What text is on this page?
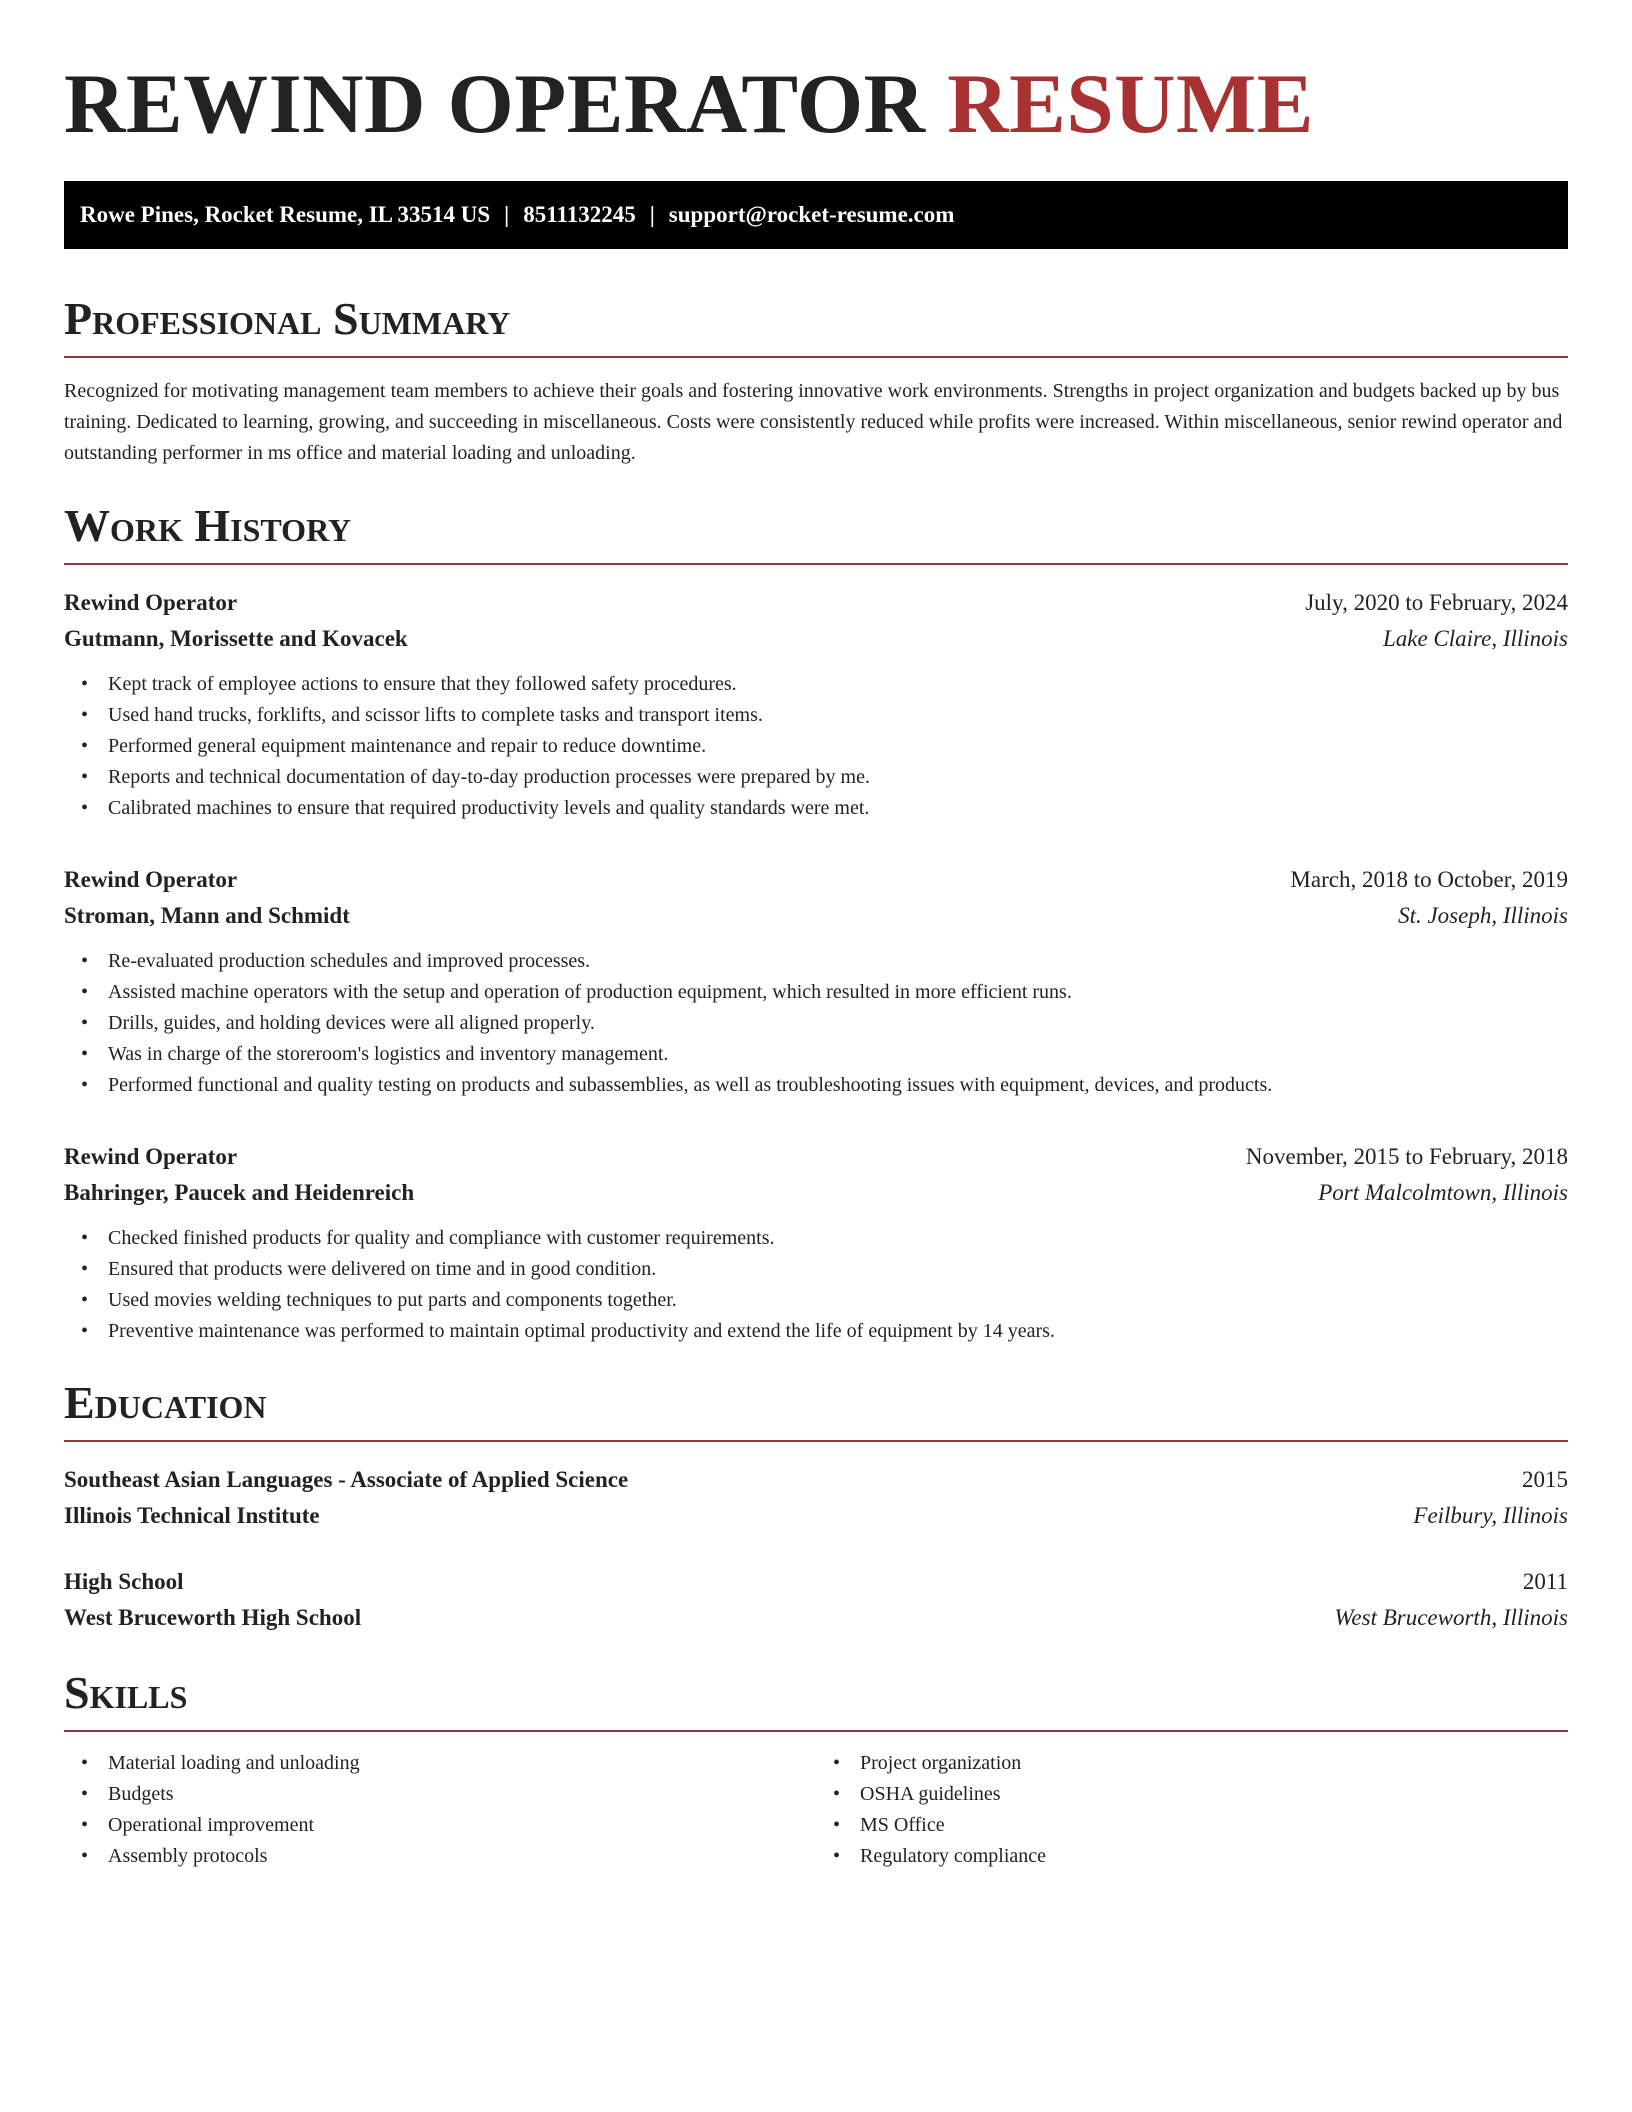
REWIND OPERATOR RESUME
Rowe Pines, Rocket Resume, IL 33514 US | 8511132245 | support@rocket-resume.com
Professional Summary

Recognized for motivating management team members to achieve their goals and fostering innovative work environments. Strengths in project organization and budgets backed up by bus training. Dedicated to learning, growing, and succeeding in miscellaneous. Costs were consistently reduced while profits were increased. Within miscellaneous, senior rewind operator and outstanding performer in ms office and material loading and unloading.

Work History
Rewind Operator	July, 2020 to February, 2024
Gutmann, Morissette and Kovacek	Lake Claire, Illinois
• Kept track of employee actions to ensure that they followed safety procedures.
• Used hand trucks, forklifts, and scissor lifts to complete tasks and transport items.
• Performed general equipment maintenance and repair to reduce downtime.
• Reports and technical documentation of day-to-day production processes were prepared by me.
• Calibrated machines to ensure that required productivity levels and quality standards were met.
Rewind Operator	March, 2018 to October, 2019
Stroman, Mann and Schmidt	St. Joseph, Illinois
• Re-evaluated production schedules and improved processes.
• Assisted machine operators with the setup and operation of production equipment, which resulted in more efficient runs.
• Drills, guides, and holding devices were all aligned properly.
• Was in charge of the storeroom's logistics and inventory management.
• Performed functional and quality testing on products and subassemblies, as well as troubleshooting issues with equipment, devices, and products.
Rewind Operator	November, 2015 to February, 2018
Bahringer, Paucek and Heidenreich	Port Malcolmtown, Illinois
• Checked finished products for quality and compliance with customer requirements.
• Ensured that products were delivered on time and in good condition.
• Used movies welding techniques to put parts and components together.
• Preventive maintenance was performed to maintain optimal productivity and extend the life of equipment by 14 years.
Education
Southeast Asian Languages - Associate of Applied Science	2015
Illinois Technical Institute	Feilbury, Illinois
High School	2011
West Bruceworth High School	West Bruceworth, Illinois
Skills
• Material loading and unloading
• Budgets
• Operational improvement
• Assembly protocols
• Project organization
• OSHA guidelines
• MS Office
• Regulatory compliance
